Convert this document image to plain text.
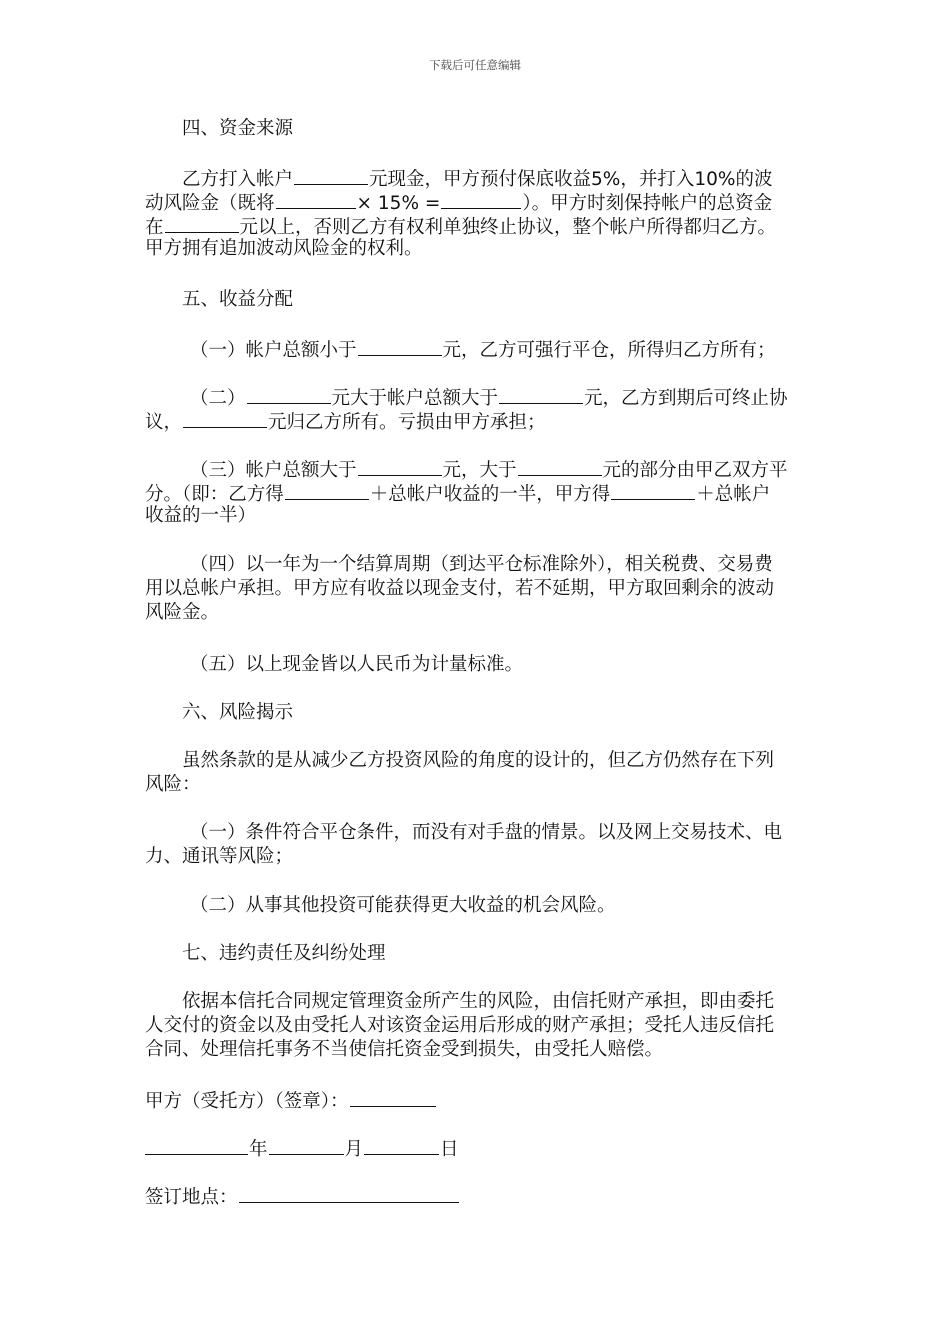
下载后可任意编辑
四、资金来源
乙方打入帐户	元现金，甲方预付保底收益5%，并打入10%的波
动风险金（既将	× 15% =	）。甲方时刻保持帐户的总资金
在	元以上，否则乙方有权利单独终止协议，整个帐户所得都归乙方。
甲方拥有追加波动风险金的权利。
五、收益分配
（一）帐户总额小于	元，乙方可强行平仓，所得归乙方所有；
（二）	元大于帐户总额大于	元，乙方到期后可终止协
议，	元归乙方所有。亏损由甲方承担；
（三）帐户总额大于	元，大于	元的部分由甲乙双方平
分。（即：乙方得	＋总帐户收益的一半，甲方得	＋总帐户
收益的一半）
（四）以一年为一个结算周期（到达平仓标准除外），相关税费、交易费
用以总帐户承担。甲方应有收益以现金支付，若不延期，甲方取回剩余的波动
风险金。
（五）以上现金皆以人民币为计量标准。
六、风险揭示
虽然条款的是从减少乙方投资风险的角度的设计的，但乙方仍然存在下列
风险：
（一）条件符合平仓条件，而没有对手盘的情景。以及网上交易技术、电
力、通讯等风险；
（二）从事其他投资可能获得更大收益的机会风险。
七、违约责任及纠纷处理
依据本信托合同规定管理资金所产生的风险，由信托财产承担，即由委托
人交付的资金以及由受托人对该资金运用后形成的财产承担；受托人违反信托
合同、处理信托事务不当使信托资金受到损失，由受托人赔偿。
甲方（受托方）（签章）：
年	月	日
签订地点：
